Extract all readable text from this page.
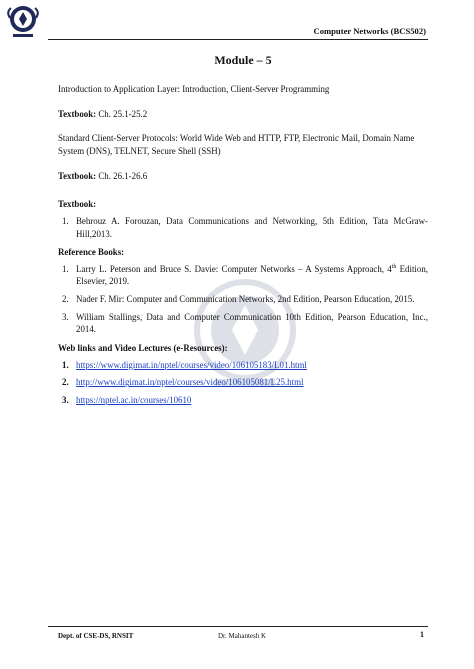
Computer Networks (BCS502)
Module – 5
Introduction to Application Layer: Introduction, Client-Server Programming
Textbook: Ch. 25.1-25.2
Standard Client-Server Protocols: World Wide Web and HTTP, FTP, Electronic Mail, Domain Name System (DNS), TELNET, Secure Shell (SSH)
Textbook: Ch. 26.1-26.6
Textbook:
1. Behrouz A. Forouzan, Data Communications and Networking, 5th Edition, Tata McGraw-Hill,2013.
Reference Books:
1. Larry L. Peterson and Bruce S. Davie: Computer Networks – A Systems Approach, 4th Edition, Elsevier, 2019.
2. Nader F. Mir: Computer and Communication Networks, 2nd Edition, Pearson Education, 2015.
3. William Stallings, Data and Computer Communication 10th Edition, Pearson Education, Inc., 2014.
Web links and Video Lectures (e-Resources):
1. https://www.digimat.in/nptel/courses/video/106105183/L01.html
2. http://www.digimat.in/nptel/courses/video/106105081/L25.html
3. https://nptel.ac.in/courses/10610
Dept. of CSE-DS, RNSIT	Dr. Mahantesh K	1
